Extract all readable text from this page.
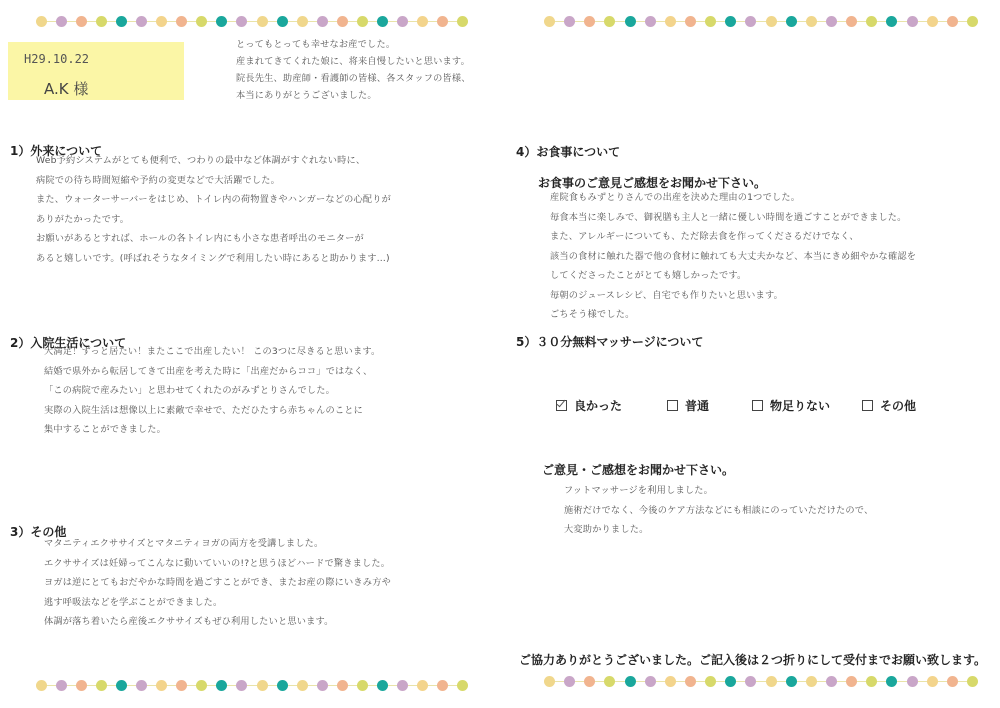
H29.10.22
A.K 様
とってもとっても幸せなお産でした。
産まれてきてくれた娘に、将来自慢したいと思います。
院長先生、助産師・看護師の皆様、各スタッフの皆様、
本当にありがとうございました。
1）外来について
Web予約システムがとても便利で、つわりの最中など体調がすぐれない時に、
病院での待ち時間短縮や予約の変更などで大活躍でした。
また、ウォーターサーバーをはじめ、トイレ内の荷物置きやハンガーなどの心配りが
ありがたかったです。
お願いがあるとすれば、ホールの各トイレ内にも小さな患者呼出のモニターが
あると嬉しいです。(呼ばれそうなタイミングで利用したい時にあると助かります…)
2）入院生活について
大満足！ずっと居たい！またここで出産したい！ この3つに尽きると思います。
結婚で県外から転居してきて出産を考えた時に「出産だからココ」ではなく、
「この病院で産みたい」と思わせてくれたのがみずとりさんでした。
実際の入院生活は想像以上に素敵で幸せで、ただひたすら赤ちゃんのことに
集中することができました。
3）その他
マタニティエクササイズとマタニティヨガの両方を受講しました。
エクササイズは妊婦ってこんなに動いていいの!?と思うほどハードで驚きました。
ヨガは逆にとてもおだやかな時間を過ごすことができ、またお産の際にいきみ方や
逃す呼吸法などを学ぶことができました。
体調が落ち着いたら産後エクササイズもぜひ利用したいと思います。
4）お食事について
お食事のご意見ご感想をお聞かせ下さい。
産院食もみずとりさんでの出産を決めた理由の1つでした。
毎食本当に楽しみで、御祝膳も主人と一緒に優しい時間を過ごすことができました。
また、アレルギーについても、ただ除去食を作ってくださるだけでなく、
該当の食材に触れた器で他の食材に触れても大丈夫かなど、本当にきめ細やかな確認を
してくださったことがとても嬉しかったです。
毎朝のジュースレシピ、自宅でも作りたいと思います。
ごちそう様でした。
5）３０分無料マッサージについて
良かった	普通	物足りない	その他
ご意見・ご感想をお聞かせ下さい。
フットマッサージを利用しました。
施術だけでなく、今後のケア方法などにも相談にのっていただけたので、
大変助かりました。
ご協力ありがとうございました。ご記入後は２つ折りにして受付までお願い致します。
